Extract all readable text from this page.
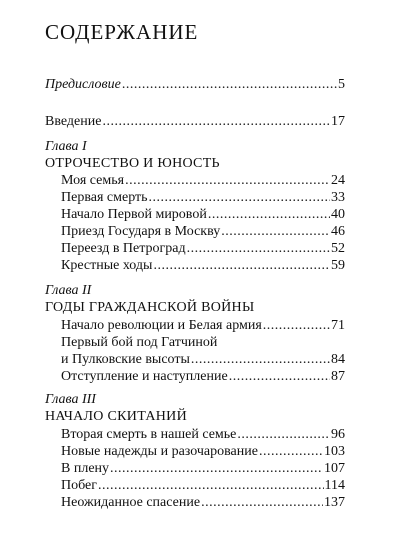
СОДЕРЖАНИЕ
Предисловие .....	5
Введение .....	17
Глава I
ОТРОЧЕСТВО И ЮНОСТЬ
Моя семья .....	24
Первая смерть .....	33
Начало Первой мировой .....	40
Приезд Государя в Москву .....	46
Переезд в Петроград .....	52
Крестные ходы .....	59
Глава II
ГОДЫ ГРАЖДАНСКОЙ ВОЙНЫ
Начало революции и Белая армия .....	71
Первый бой под Гатчиной
и Пулковские высоты .....	84
Отступление и наступление .....	87
Глава III
НАЧАЛО СКИТАНИЙ
Вторая смерть в нашей семье .....	96
Новые надежды и разочарование .....	103
В плену .....	107
Побег .....	114
Неожиданное спасение .....	137
